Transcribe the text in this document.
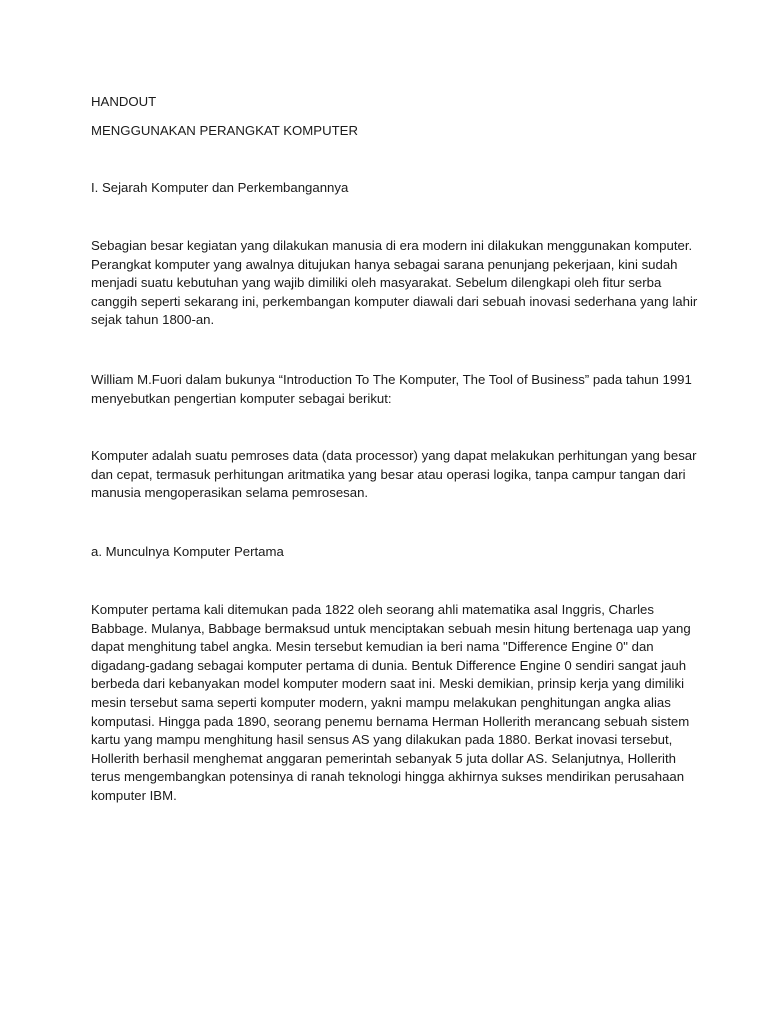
HANDOUT
MENGGUNAKAN PERANGKAT KOMPUTER
I. Sejarah Komputer dan Perkembangannya
Sebagian besar kegiatan yang dilakukan manusia di era modern ini dilakukan menggunakan komputer.
Perangkat komputer yang awalnya ditujukan hanya sebagai sarana penunjang pekerjaan, kini sudah
menjadi suatu kebutuhan yang wajib dimiliki oleh masyarakat. Sebelum dilengkapi oleh fitur serba
canggih seperti sekarang ini, perkembangan komputer diawali dari sebuah inovasi sederhana yang lahir
sejak tahun 1800-an.
William M.Fuori dalam bukunya “Introduction To The Komputer, The Tool of Business” pada tahun 1991
menyebutkan pengertian komputer sebagai berikut:
Komputer adalah suatu pemroses data (data processor) yang dapat melakukan perhitungan yang besar
dan cepat, termasuk perhitungan aritmatika yang besar atau operasi logika, tanpa campur tangan dari
manusia mengoperasikan selama pemrosesan.
a. Munculnya Komputer Pertama
Komputer pertama kali ditemukan pada 1822 oleh seorang ahli matematika asal Inggris, Charles
Babbage. Mulanya, Babbage bermaksud untuk menciptakan sebuah mesin hitung bertenaga uap yang
dapat menghitung tabel angka. Mesin tersebut kemudian ia beri nama "Difference Engine 0" dan
digadang-gadang sebagai komputer pertama di dunia. Bentuk Difference Engine 0 sendiri sangat jauh
berbeda dari kebanyakan model komputer modern saat ini. Meski demikian, prinsip kerja yang dimiliki
mesin tersebut sama seperti komputer modern, yakni mampu melakukan penghitungan angka alias
komputasi. Hingga pada 1890, seorang penemu bernama Herman Hollerith merancang sebuah sistem
kartu yang mampu menghitung hasil sensus AS yang dilakukan pada 1880. Berkat inovasi tersebut,
Hollerith berhasil menghemat anggaran pemerintah sebanyak 5 juta dollar AS. Selanjutnya, Hollerith
terus mengembangkan potensinya di ranah teknologi hingga akhirnya sukses mendirikan perusahaan
komputer IBM.
